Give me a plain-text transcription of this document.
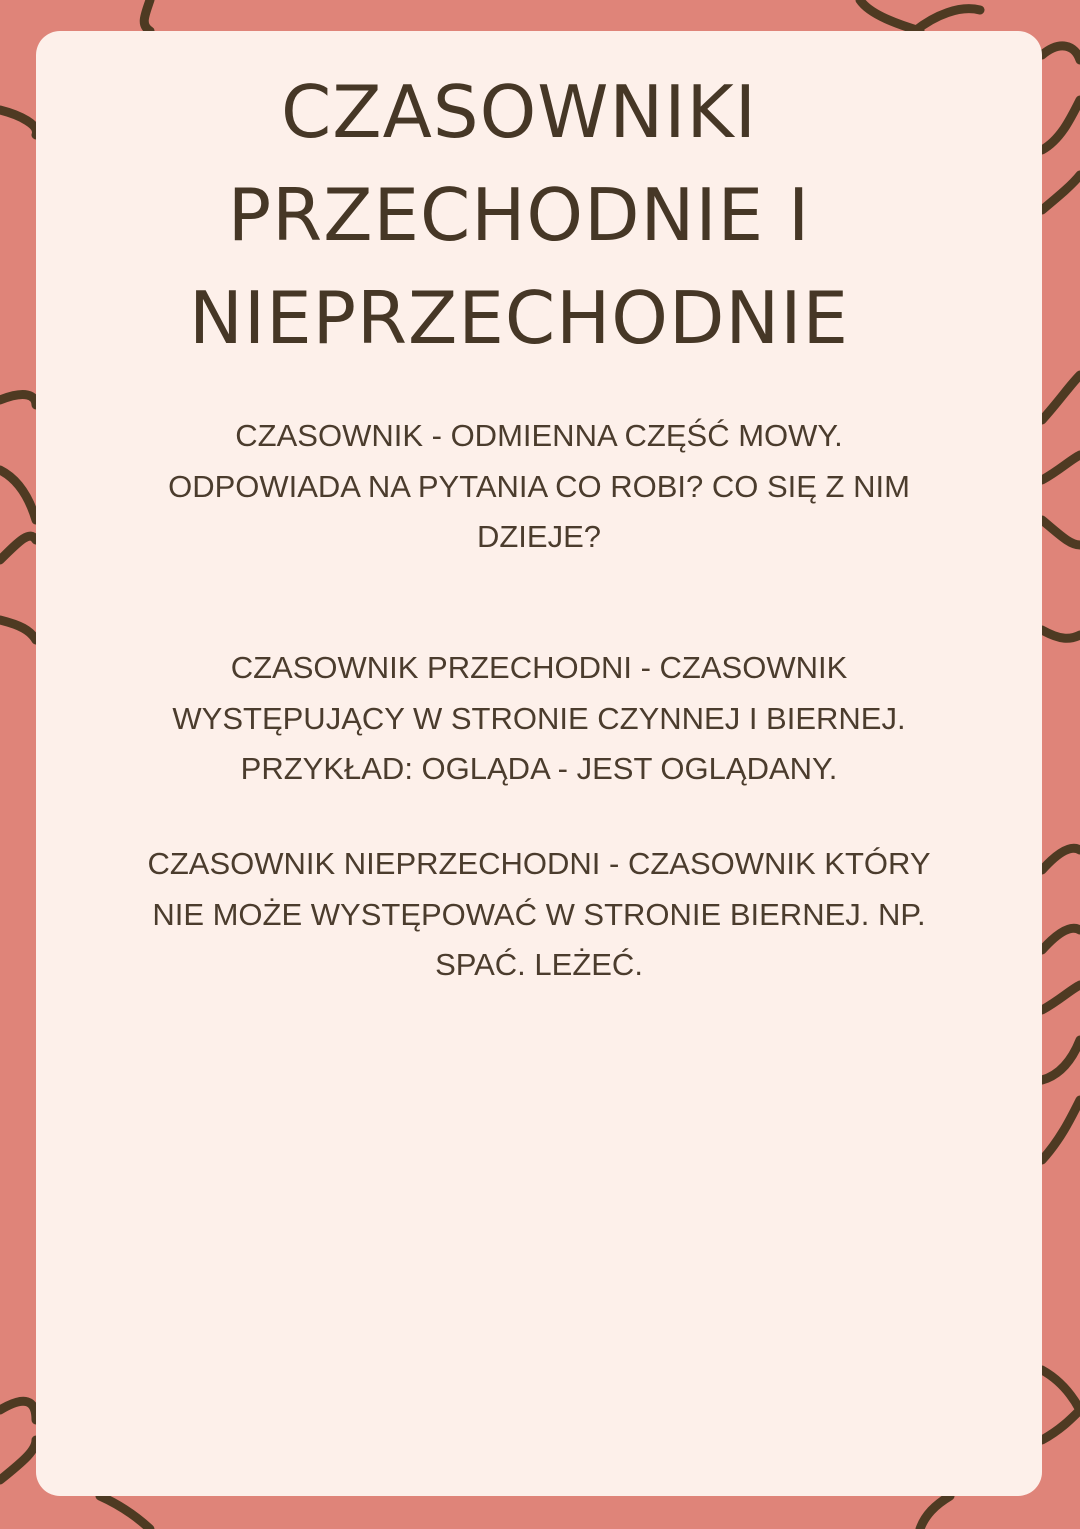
CZASOWNIKI
PRZECHODNIE I
NIEPRZECHODNIE

CZASOWNIK - ODMIENNA CZĘŚĆ MOWY.
ODPOWIADA NA PYTANIA CO ROBI? CO SIĘ Z NIM
DZIEJE?

CZASOWNIK PRZECHODNI - CZASOWNIK
WYSTĘPUJĄCY W STRONIE CZYNNEJ I BIERNEJ.
PRZYKŁAD: OGLĄDA - JEST OGLĄDANY.

CZASOWNIK NIEPRZECHODNI - CZASOWNIK KTÓRY
NIE MOŻE WYSTĘPOWAĆ W STRONIE BIERNEJ. NP.
SPAĆ. LEŻEĆ.
